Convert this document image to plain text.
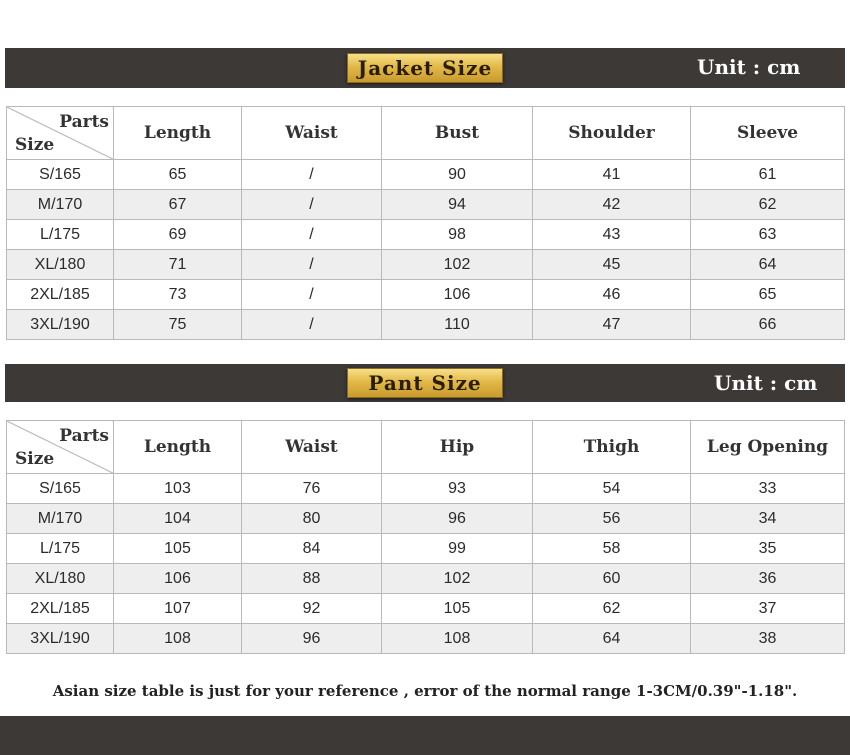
Jacket Size	Unit : cm
Parts
Size	Length	Waist	Bust	Shoulder	Sleeve
S/165	65	/	90	41	61
M/170	67	/	94	42	62
L/175	69	/	98	43	63
XL/180	71	/	102	45	64
2XL/185	73	/	106	46	65
3XL/190	75	/	110	47	66
Pant Size	Unit : cm
Parts
Size	Length	Waist	Hip	Thigh	Leg Opening
S/165	103	76	93	54	33
M/170	104	80	96	56	34
L/175	105	84	99	58	35
XL/180	106	88	102	60	36
2XL/185	107	92	105	62	37
3XL/190	108	96	108	64	38
Asian size table is just for your reference , error of the normal range 1-3CM/0.39"-1.18".
